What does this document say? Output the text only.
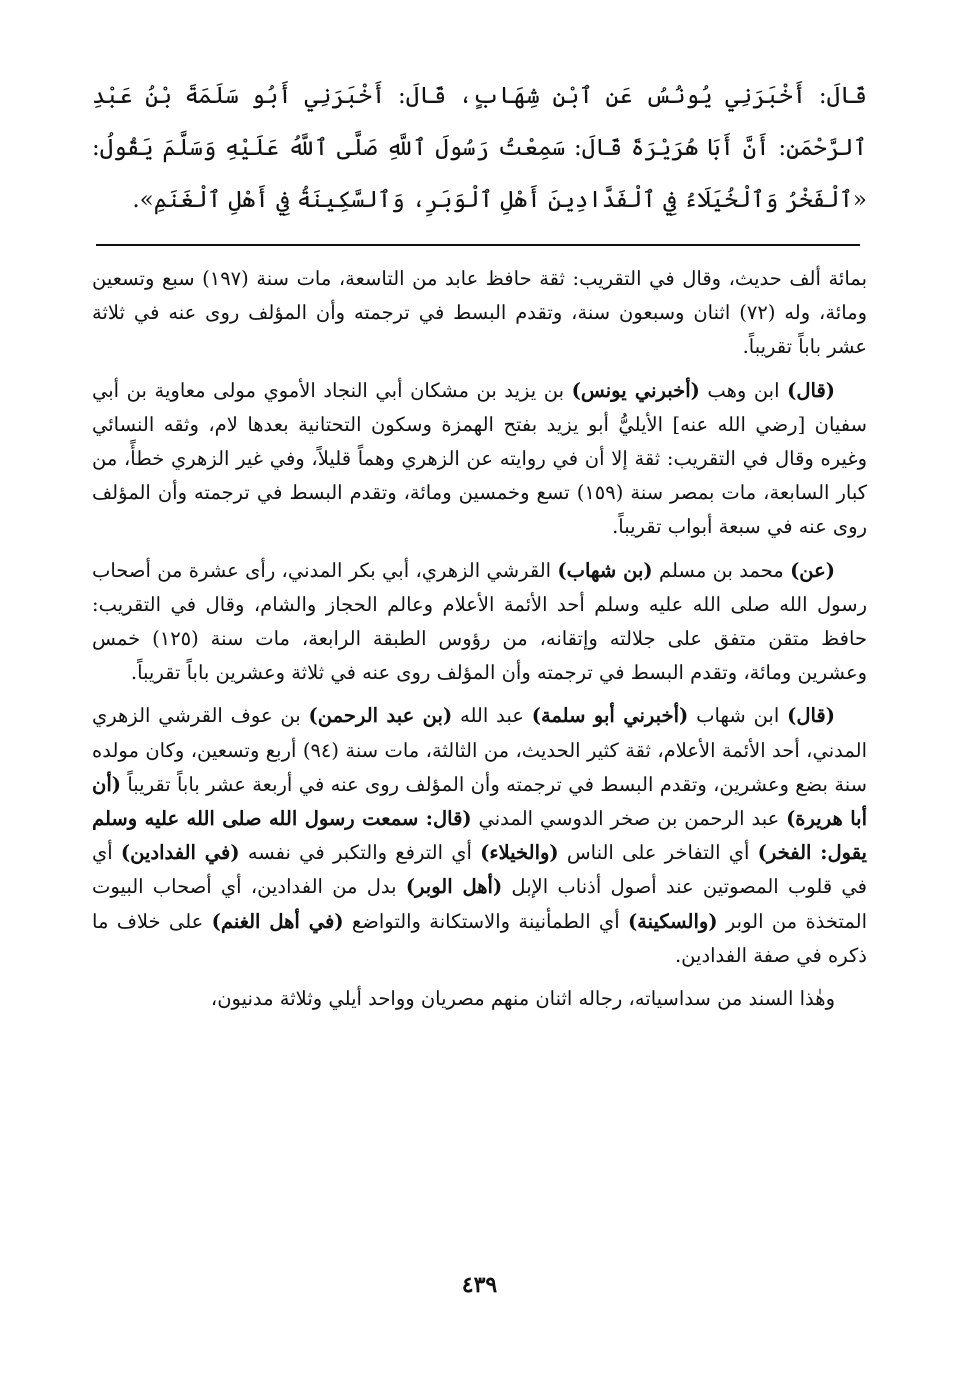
قَالَ: أَخْبَرَنِي يُونُسُ عَنِ ٱبْنِ شِهَابٍ، قَالَ: أَخْبَرَنِي أَبُو سَلَمَةَ بْنُ عَبْدِ ٱلرَّحْمَنِ: أَنَّ أَبَا هُرَيْرَةَ قَالَ: سَمِعْتُ رَسُولَ ٱللَّهِ صَلَّى ٱللَّهُ عَلَيْهِ وَسَلَّمَ يَقُولُ: «ٱلْفَخْرُ وَٱلْخُيَلَاءُ فِي ٱلْفَدَّادِينَ أَهْلِ ٱلْوَبَرِ، وَٱلسَّكِينَةُ فِي أَهْلِ ٱلْغَنَمِ».

بمائة ألف حديث، وقال في التقريب: ثقة حافظ عابد من التاسعة، مات سنة (١٩٧) سبع وتسعين ومائة، وله (٧٢) اثنان وسبعون سنة، وتقدم البسط في ترجمته وأن المؤلف روى عنه في ثلاثة عشر باباً تقريباً.

(قال) ابن وهب (أخبرني يونس) بن يزيد بن مشكان أبي النجاد الأموي مولى معاوية بن أبي سفيان [رضي الله عنه] الأيليُّ أبو يزيد بفتح الهمزة وسكون التحتانية بعدها لام، وثقه النسائي وغيره وقال في التقريب: ثقة إلا أن في روايته عن الزهري وهماً قليلاً، وفي غير الزهري خطأً، من كبار السابعة، مات بمصر سنة (١٥٩) تسع وخمسين ومائة، وتقدم البسط في ترجمته وأن المؤلف روى عنه في سبعة أبواب تقريباً.

(عن) محمد بن مسلم (بن شهاب) القرشي الزهري، أبي بكر المدني، رأى عشرة من أصحاب رسول الله صلى الله عليه وسلم أحد الأئمة الأعلام وعالم الحجاز والشام، وقال في التقريب: حافظ متقن متفق على جلالته وإتقانه، من رؤوس الطبقة الرابعة، مات سنة (١٢٥) خمس وعشرين ومائة، وتقدم البسط في ترجمته وأن المؤلف روى عنه في ثلاثة وعشرين باباً تقريباً.

(قال) ابن شهاب (أخبرني أبو سلمة) عبد الله (بن عبد الرحمن) بن عوف القرشي الزهري المدني، أحد الأئمة الأعلام، ثقة كثير الحديث، من الثالثة، مات سنة (٩٤) أربع وتسعين، وكان مولده سنة بضع وعشرين، وتقدم البسط في ترجمته وأن المؤلف روى عنه في أربعة عشر باباً تقريباً (أن أبا هريرة) عبد الرحمن بن صخر الدوسي المدني (قال: سمعت رسول الله صلى الله عليه وسلم يقول: الفخر) أي التفاخر على الناس (والخيلاء) أي الترفع والتكبر في نفسه (في الفدادين) أي في قلوب المصوتين عند أصول أذناب الإبل (أهل الوبر) بدل من الفدادين، أي أصحاب البيوت المتخذة من الوبر (والسكينة) أي الطمأنينة والاستكانة والتواضع (في أهل الغنم) على خلاف ما ذكره في صفة الفدادين.

وهٰذا السند من سداسياته، رجاله اثنان منهم مصريان وواحد أيلي وثلاثة مدنيون،

٤٣٩
